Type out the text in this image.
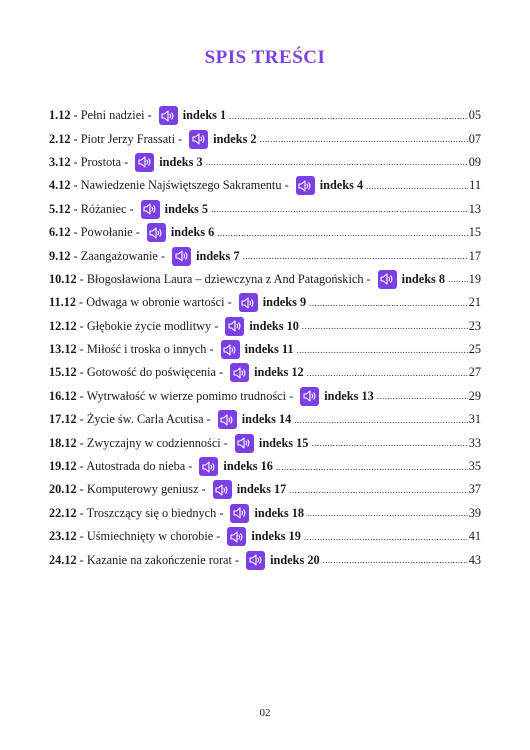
SPIS TREŚCI
1.12 - Pełni nadziei -	indeks 1 .....	05
2.12 - Piotr Jerzy Frassati -	indeks 2 .....	07
3.12 - Prostota -	indeks 3 .....	09
4.12 - Nawiedzenie Najświętszego Sakramentu -	indeks 4 .....	11
5.12 - Różaniec -	indeks 5 .....	13
6.12 - Powołanie -	indeks 6 .....	15
9.12 - Zaangażowanie -	indeks 7 .....	17
10.12 - Błogosławiona Laura – dziewczyna z And Patagońskich -	indeks 8 ..... 19
11.12 - Odwaga w obronie wartości -	indeks 9 .....	21
12.12 - Głębokie życie modlitwy -	indeks 10 .....	23
13.12 - Miłość i troska o innych -	indeks 11 .....	25
15.12 - Gotowość do poświęcenia -	indeks 12 .....	27
16.12 - Wytrwałość w wierze pomimo trudności -	indeks 13 .....	29
17.12 - Życie św. Carla Acutisa -	indeks 14 .....	31
18.12 - Zwyczajny w codzienności -	indeks 15 .....	33
19.12 - Autostrada do nieba -	indeks 16 .....	35
20.12 - Komputerowy geniusz -	indeks 17 .....	37
22.12 - Troszczący się o biednych -	indeks 18 .....	39
23.12 - Uśmiechnięty w chorobie -	indeks 19 .....	41
24.12 - Kazanie na zakończenie rorat -	indeks 20 .....	43
02
